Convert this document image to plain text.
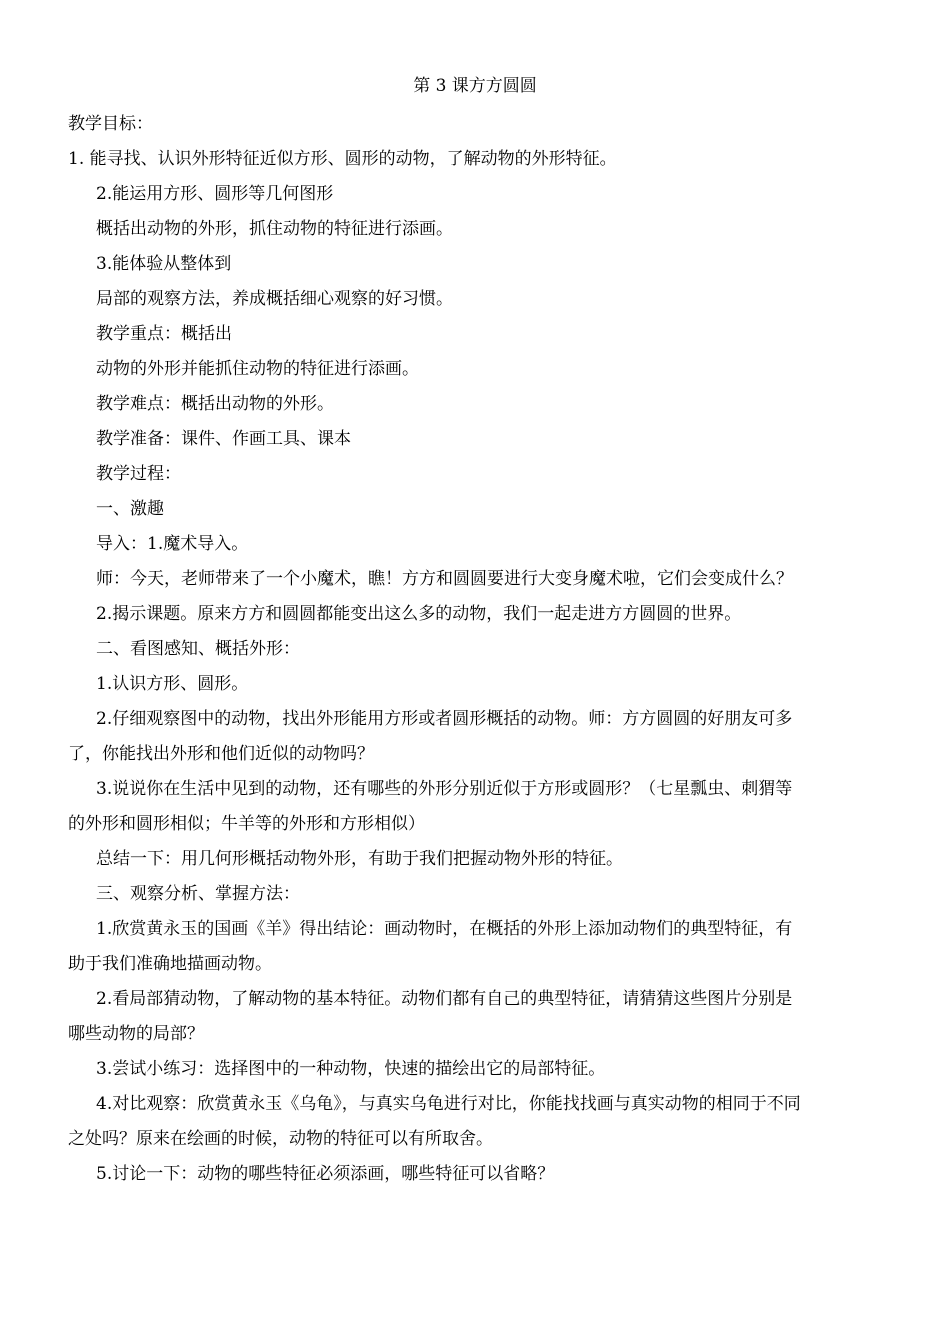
第 3 课方方圆圆

教学目标：

1. 能寻找、认识外形特征近似方形、圆形的动物，了解动物的外形特征。

2.能运用方形、圆形等几何图形

概括出动物的外形，抓住动物的特征进行添画。

3.能体验从整体到

局部的观察方法，养成概括细心观察的好习惯。

教学重点：概括出

动物的外形并能抓住动物的特征进行添画。

教学难点：概括出动物的外形。

教学准备：课件、作画工具、课本

教学过程：

一、激趣

导入：1.魔术导入。

师：今天，老师带来了一个小魔术，瞧！方方和圆圆要进行大变身魔术啦，它们会变成什么？

2.揭示课题。原来方方和圆圆都能变出这么多的动物，我们一起走进方方圆圆的世界。

二、看图感知、概括外形：

1.认识方形、圆形。

2.仔细观察图中的动物，找出外形能用方形或者圆形概括的动物。师：方方圆圆的好朋友可多

了，你能找出外形和他们近似的动物吗？

3.说说你在生活中见到的动物，还有哪些的外形分别近似于方形或圆形？（七星瓢虫、刺猬等

的外形和圆形相似；牛羊等的外形和方形相似）

总结一下：用几何形概括动物外形，有助于我们把握动物外形的特征。

三、观察分析、掌握方法：

1.欣赏黄永玉的国画《羊》得出结论：画动物时，在概括的外形上添加动物们的典型特征，有

助于我们准确地描画动物。

2.看局部猜动物，了解动物的基本特征。动物们都有自己的典型特征，请猜猜这些图片分别是

哪些动物的局部？

3.尝试小练习：选择图中的一种动物，快速的描绘出它的局部特征。

4.对比观察：欣赏黄永玉《乌龟》，与真实乌龟进行对比，你能找找画与真实动物的相同于不同

之处吗？原来在绘画的时候，动物的特征可以有所取舍。

5.讨论一下：动物的哪些特征必须添画，哪些特征可以省略？
